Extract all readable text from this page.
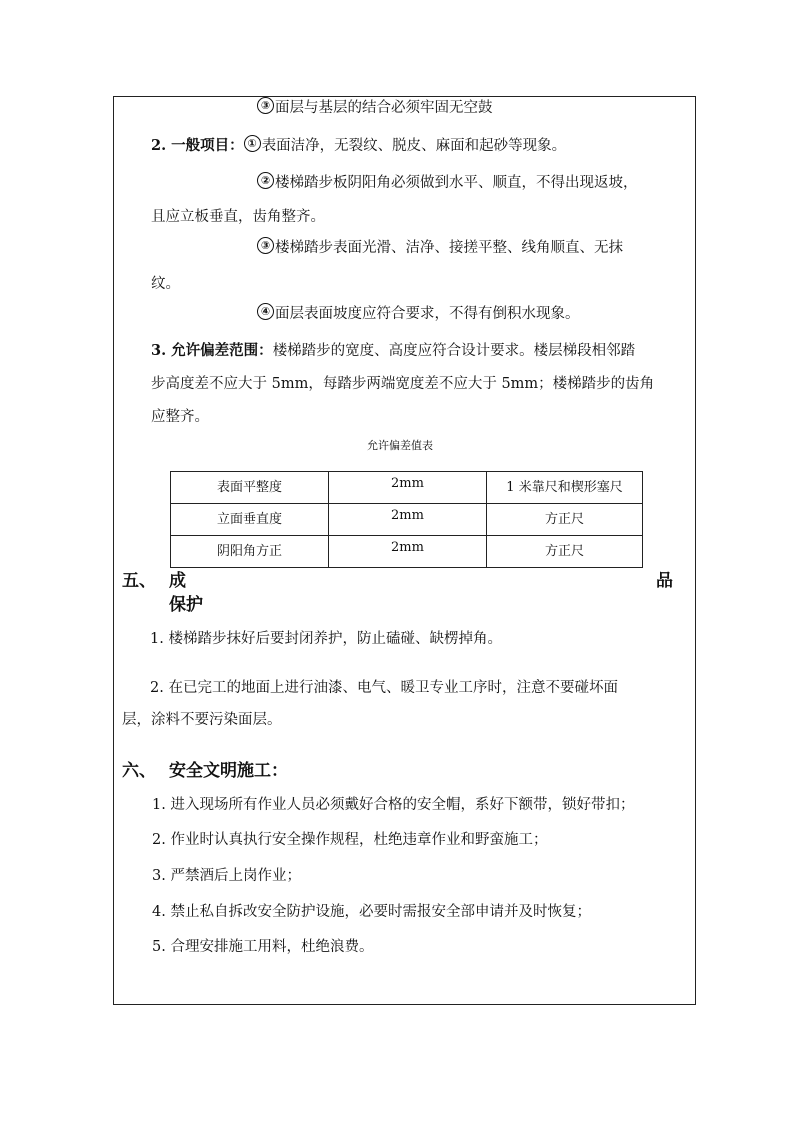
③ 面层与基层的结合必须牢固无空鼓
2. 一般项目： ① 表面洁净，无裂纹、脱皮、麻面和起砂等现象。
② 楼梯踏步板阴阳角必须做到水平、顺直，不得出现返坡，
且应立板垂直，齿角整齐。
③ 楼梯踏步表面光滑、洁净、接搓平整、线角顺直、无抹
纹。
④ 面层表面坡度应符合要求，不得有倒积水现象。
3. 允许偏差范围：楼梯踏步的宽度、高度应符合设计要求。楼层梯段相邻踏
步高度差不应大于 5mm，每踏步两端宽度差不应大于 5mm；楼梯踏步的齿角
应整齐。
允许偏差值表
表面平整度	2mm	1 米靠尺和楔形塞尺
立面垂直度	2mm	方正尺
阴阳角方正	2mm	方正尺
五、 成	品
保护
1. 楼梯踏步抹好后要封闭养护，防止磕碰、缺楞掉角。
2. 在已完工的地面上进行油漆、电气、暖卫专业工序时，注意不要碰坏面
层，涂料不要污染面层。
六、 安全文明施工：
1. 进入现场所有作业人员必须戴好合格的安全帽，系好下额带，锁好带扣；
2. 作业时认真执行安全操作规程，杜绝违章作业和野蛮施工；
3. 严禁酒后上岗作业；
4. 禁止私自拆改安全防护设施，必要时需报安全部申请并及时恢复；
5. 合理安排施工用料，杜绝浪费。
